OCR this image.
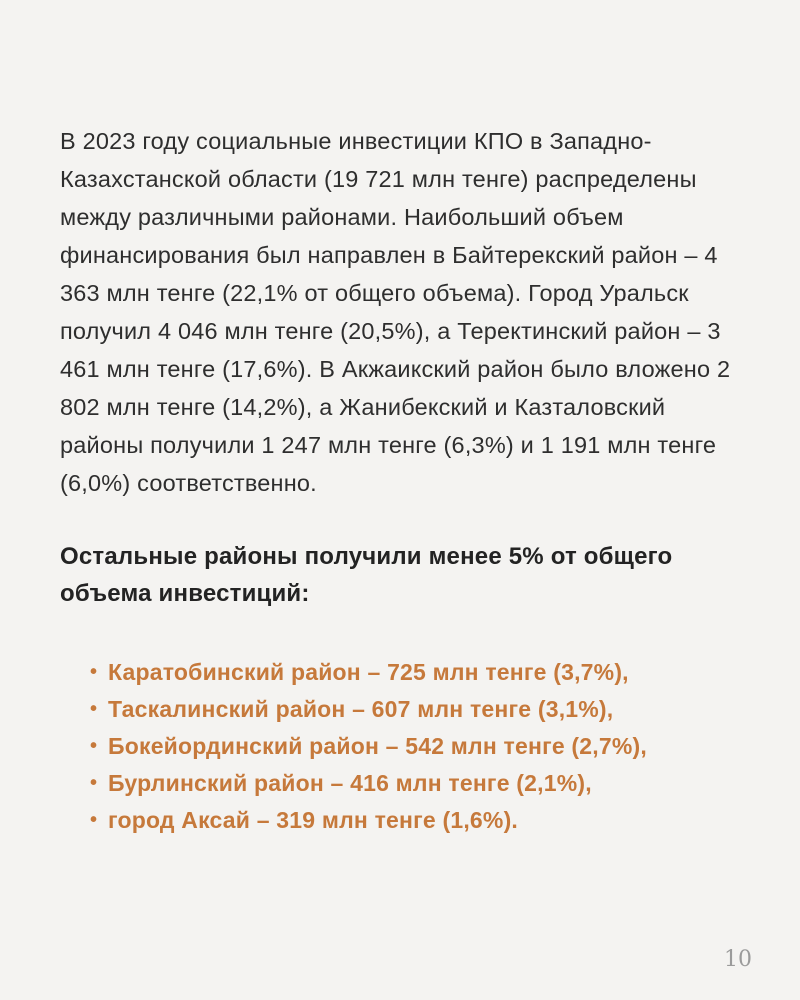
В 2023 году социальные инвестиции КПО в Западно-Казахстанской области (19 721 млн тенге) распределены между различными районами. Наибольший объем финансирования был направлен в Байтерекский район – 4 363 млн тенге (22,1% от общего объема). Город Уральск получил 4 046 млн тенге (20,5%), а Теректинский район – 3 461 млн тенге (17,6%). В Акжаикский район было вложено 2 802 млн тенге (14,2%), а Жанибекский и Казталовский районы получили 1 247 млн тенге (6,3%) и 1 191 млн тенге (6,0%) соответственно.

Остальные районы получили менее 5% от общего объема инвестиций:
• Каратобинский район – 725 млн тенге (3,7%),
• Таскалинский район – 607 млн тенге (3,1%),
• Бокейординский район – 542 млн тенге (2,7%),
• Бурлинский район – 416 млн тенге (2,1%),
• город Аксай – 319 млн тенге (1,6%).
10
